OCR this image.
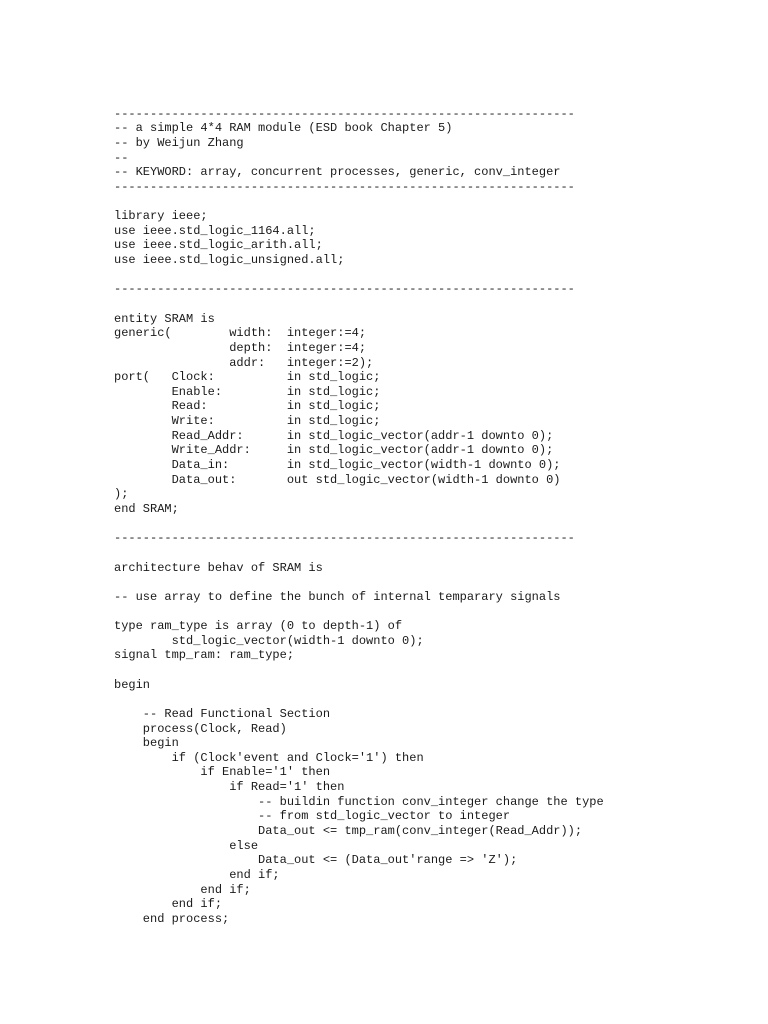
----------------------------------------------------------------
-- a simple 4*4 RAM module (ESD book Chapter 5)
-- by Weijun Zhang
--
-- KEYWORD: array, concurrent processes, generic, conv_integer
----------------------------------------------------------------
library ieee;
use ieee.std_logic_1164.all;
use ieee.std_logic_arith.all;
use ieee.std_logic_unsigned.all;
----------------------------------------------------------------
entity SRAM is
generic(        width:  integer:=4;
depth:  integer:=4;
addr:   integer:=2);
port(   Clock:          in std_logic;
Enable:         in std_logic;
Read:           in std_logic;
Write:          in std_logic;
Read_Addr:      in std_logic_vector(addr-1 downto 0);
Write_Addr:     in std_logic_vector(addr-1 downto 0);
Data_in:        in std_logic_vector(width-1 downto 0);
Data_out:       out std_logic_vector(width-1 downto 0)
);
end SRAM;
----------------------------------------------------------------
architecture behav of SRAM is
-- use array to define the bunch of internal temparary signals
type ram_type is array (0 to depth-1) of
std_logic_vector(width-1 downto 0);
signal tmp_ram: ram_type;
begin
-- Read Functional Section
process(Clock, Read)
begin
if (Clock'event and Clock='1') then
if Enable='1' then
if Read='1' then
-- buildin function conv_integer change the type
-- from std_logic_vector to integer
Data_out <= tmp_ram(conv_integer(Read_Addr));
else
Data_out <= (Data_out'range => 'Z');
end if;
end if;
end if;
end process;
